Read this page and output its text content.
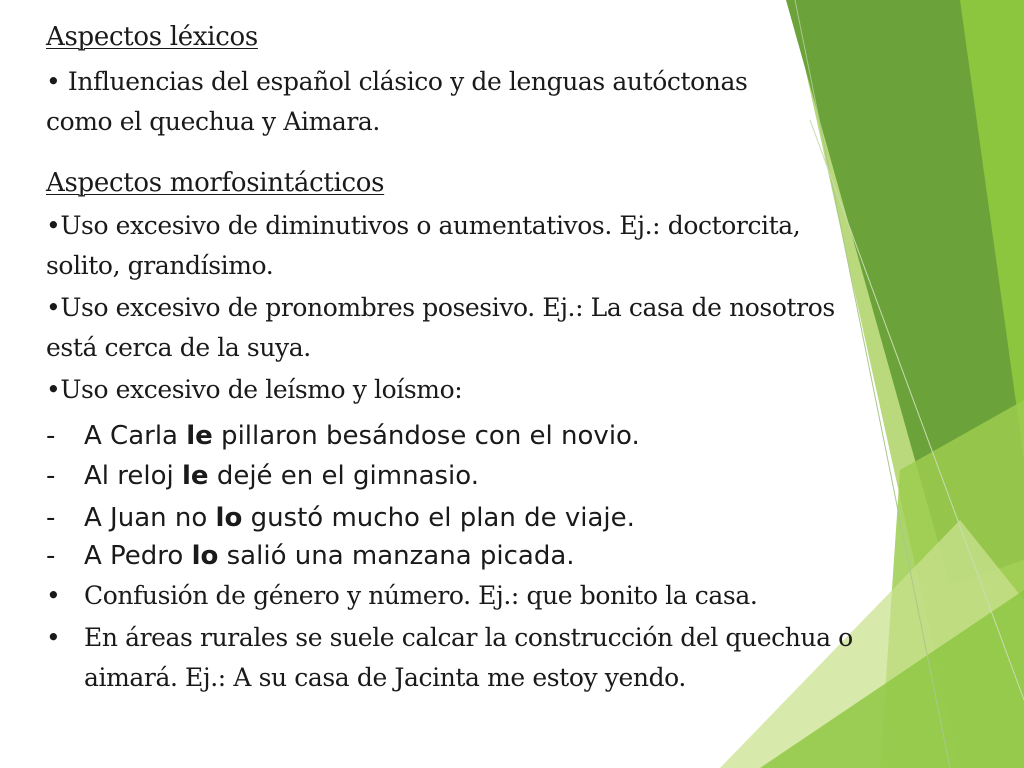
Aspectos léxicos
• Influencias del español clásico y de lenguas autóctonas
como el quechua y Aimara.
Aspectos morfosintácticos
•Uso excesivo de diminutivos o aumentativos. Ej.: doctorcita,
solito, grandísimo.
•Uso excesivo de pronombres posesivo. Ej.: La casa de nosotros
está cerca de la suya.
•Uso excesivo de leísmo y loísmo:
- A Carla le pillaron besándose con el novio.
- Al reloj le dejé en el gimnasio.
- A Juan no lo gustó mucho el plan de viaje.
- A Pedro lo salió una manzana picada.
• Confusión de género y número. Ej.: que bonito la casa.
• En áreas rurales se suele calcar la construcción del quechua o
aimará. Ej.: A su casa de Jacinta me estoy yendo.
